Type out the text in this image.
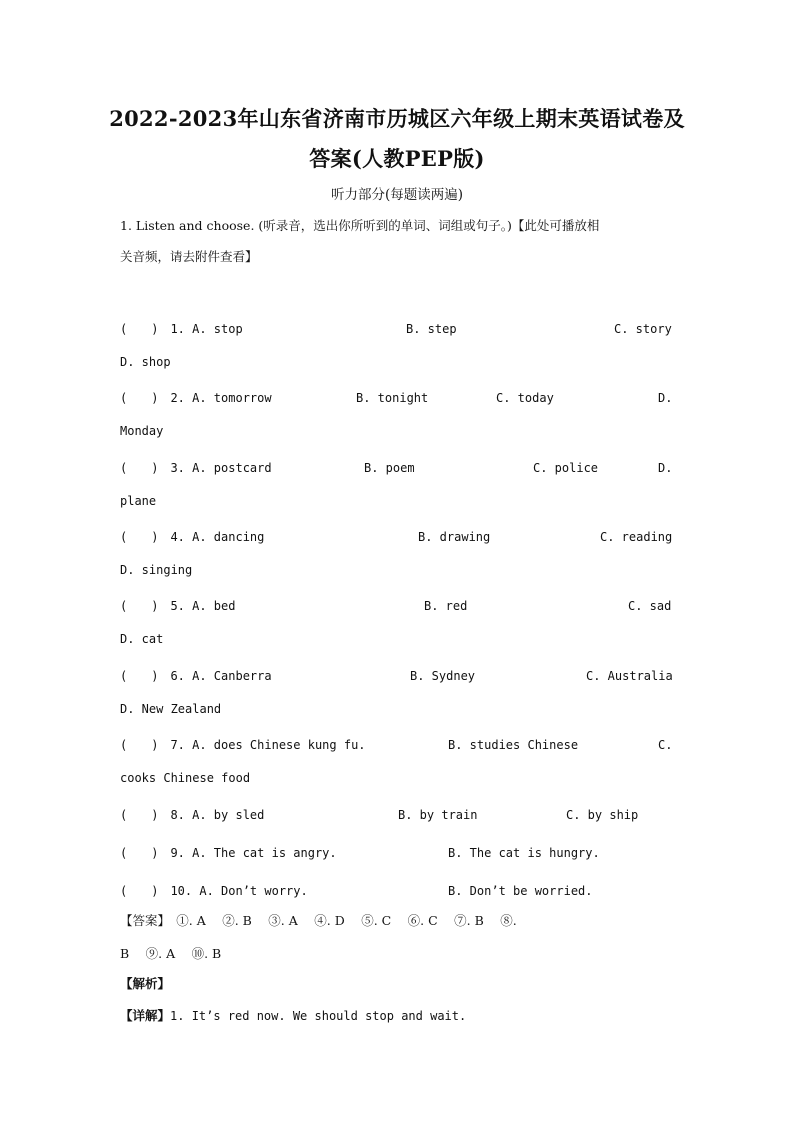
2022-2023年山东省济南市历城区六年级上期末英语试卷及
答案(人教PEP版)
听力部分(每题读两遍)
1. Listen and choose. (听录音，选出你所听到的单词、词组或句子。)【此处可播放相
关音频，请去附件查看】
(　　)　1. A. stop	B. step	C. story
D. shop
(　　)　2. A. tomorrow	B. tonight	C. today	D.
Monday
(　　)　3. A. postcard	B. poem	C. police	D.
plane
(　　)　4. A. dancing	B. drawing	C. reading
D. singing
(　　)　5. A. bed	B. red	C. sad
D. cat
(　　)　6. A. Canberra	B. Sydney	C. Australia
D. New Zealand
(　　)　7. A. does Chinese kung fu.	B. studies Chinese	C.
cooks Chinese food
(　　)　8. A. by sled	B. by train	C. by ship
(　　)　9. A. The cat is angry.	B. The cat is hungry.
(　　)　10. A. Don’t worry.	B. Don’t be worried.
【答案】　①. A　 ②. B　 ③. A　 ④. D　 ⑤. C　 ⑥. C　 ⑦. B　 ⑧.
B　 ⑨. A　 ⑩. B
【解析】
【详解】1. It’s red now. We should stop and wait.
